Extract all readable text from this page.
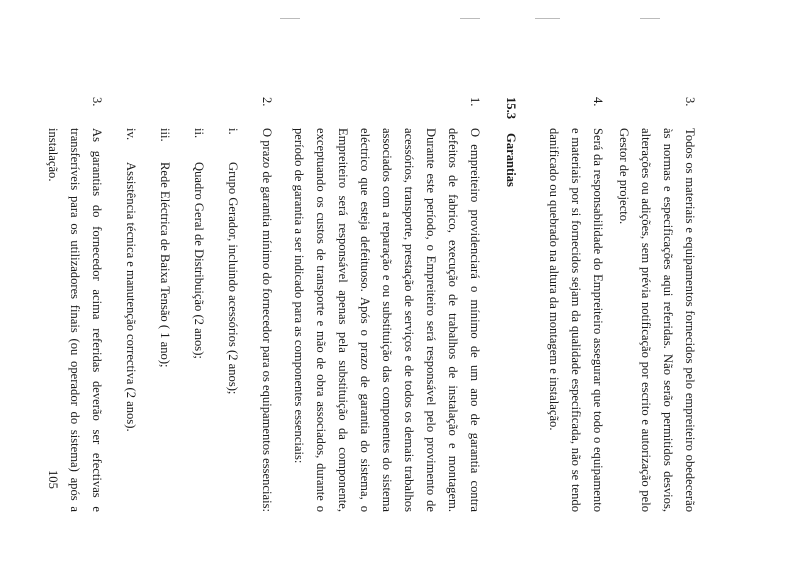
3.
Todos os materiais e equipamentos fornecidos pelo empreiteiro obedecerão às normas e especificações aqui referidas. Não serão permitidos desvios, alterações ou adições, sem prévia notificação por escrito e autorização pelo Gestor de projecto.
4.
Será da responsabilidade do Empreiteiro assegurar que todo o equipamento e materiais por si fornecidos sejam da qualidade especificada, não se tendo danificado ou quebrado na altura da montagem e instalação.
15.3Garantias
1.
O empreiteiro providenciará o mínimo de um ano de garantia contra defeitos de fabrico, execução de trabalhos de instalação e montagem. Durante este período, o Empreiteiro será responsável pelo provimento de acessórios, transporte, prestação de serviços e de todos os demais trabalhos associados com a reparação e ou substituição das componentes do sistema eléctrico que esteja defeituoso. Após o prazo de garantia do sistema, o Empreiteiro será responsável apenas pela substituição da componente, exceptuando os custos de transporte e mão de obra associados, durante o período de garantia a ser indicado para as componentes essenciais:
2.
O prazo de garantia mínimo do fornecedor para os equipamentos essenciais:
i.
Grupo Gerador, incluindo acessórios (2 anos);
ii.
Quadro Geral de Distribuição (2 anos);
iii.
Rede Eléctrica de Baixa Tensão ( 1 ano);
iv.
Assistência técnica e manutenção correctiva (2 anos).
3.
As garantias do fornecedor acima referidas deverão ser efectivas e transferíveis para os utilizadores finais (ou operador do sistema) após a instalação.
105
